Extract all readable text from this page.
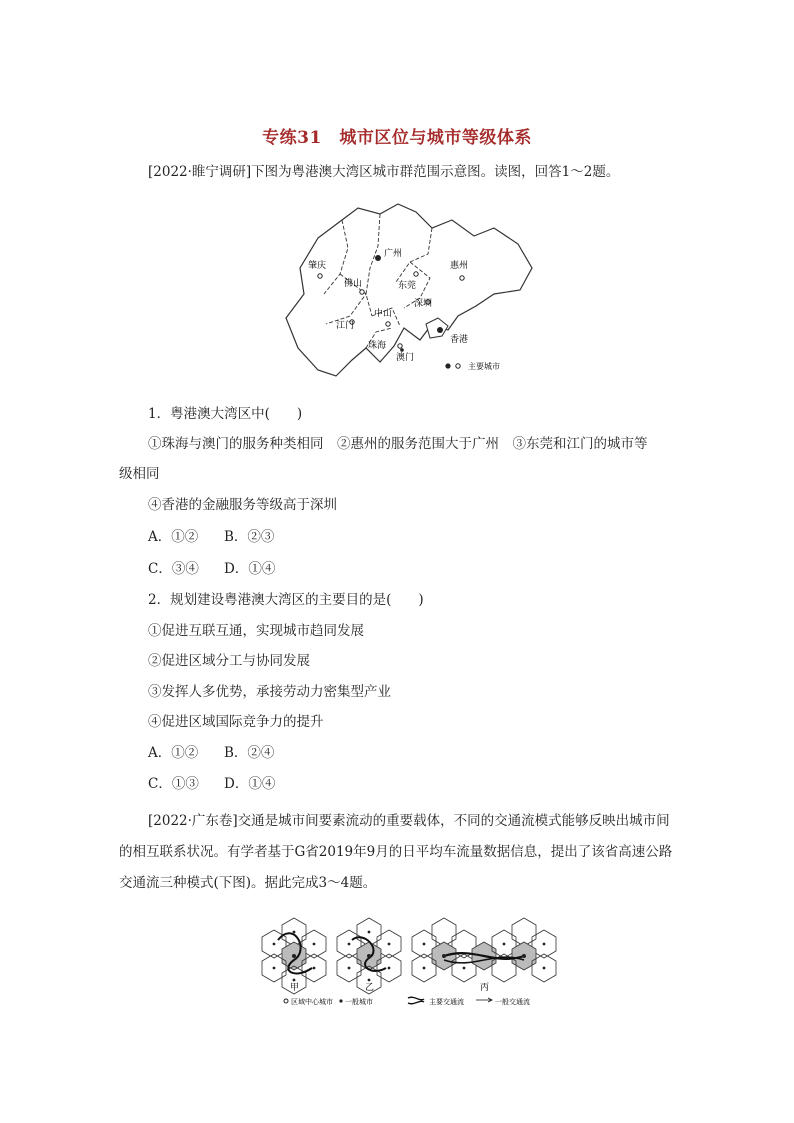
专练31　城市区位与城市等级体系
[2022·睢宁调研]下图为粤港澳大湾区城市群范围示意图。读图，回答1～2题。
肇庆
广州
佛山
惠州
东莞
深圳
江门
中山
珠海
澳门
香港
主要城市
1．粤港澳大湾区中(　　)
①珠海与澳门的服务种类相同　②惠州的服务范围大于广州　③东莞和江门的城市等
级相同
④香港的金融服务等级高于深圳
A．①② B．②③
C．③④ D．①④
2．规划建设粤港澳大湾区的主要目的是(　　)
①促进互联互通，实现城市趋同发展
②促进区域分工与协同发展
③发挥人多优势，承接劳动力密集型产业
④促进区域国际竞争力的提升
A．①② B．②④
C．①③ D．①④
[2022·广东卷]交通是城市间要素流动的重要载体，不同的交通流模式能够反映出城市间的相互联系状况。有学者基于G省2019年9月的日平均车流量数据信息，提出了该省高速公路交通流三种模式(下图)。据此完成3～4题。
甲	乙	丙
区域中心城市 一般城市	主要交通流	一般交通流
